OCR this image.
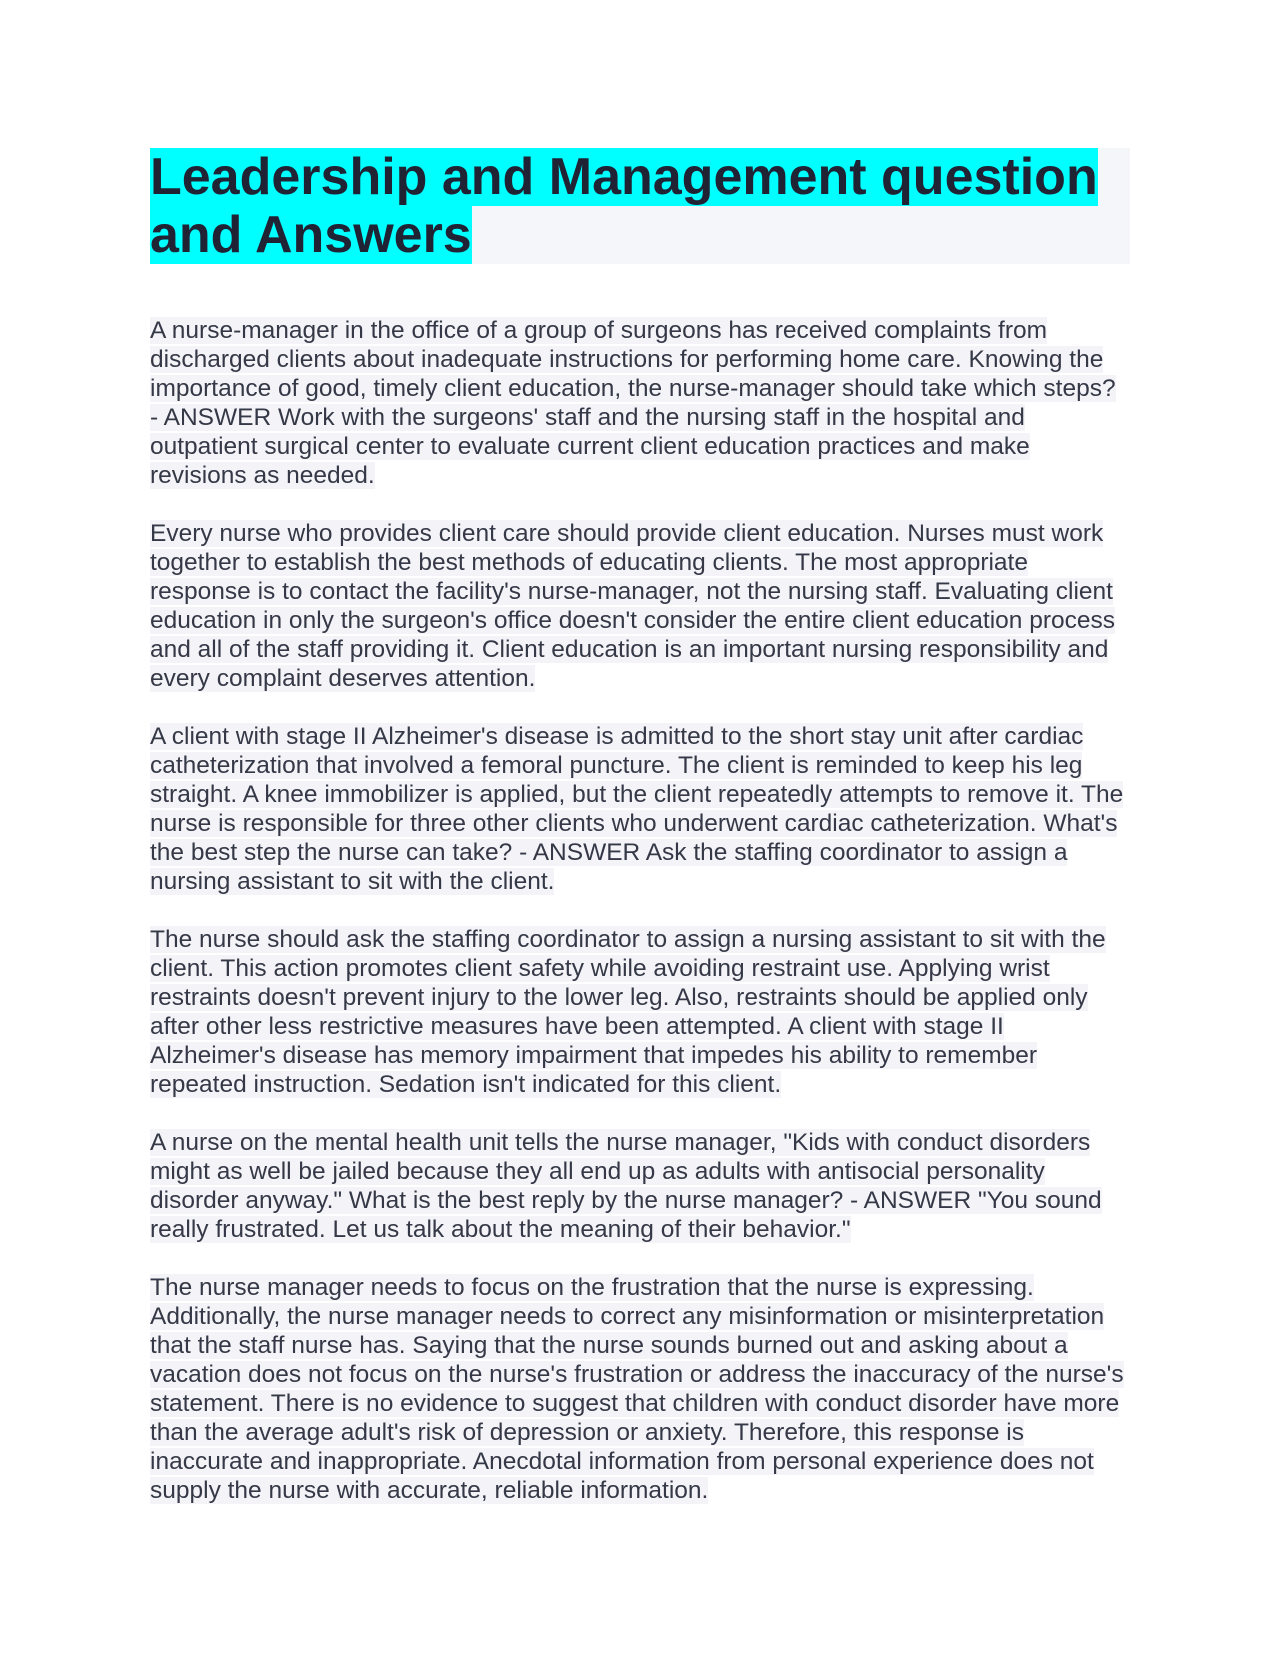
Leadership and Management question and Answers

A nurse-manager in the office of a group of surgeons has received complaints from discharged clients about inadequate instructions for performing home care. Knowing the importance of good, timely client education, the nurse-manager should take which steps? - ANSWER Work with the surgeons' staff and the nursing staff in the hospital and outpatient surgical center to evaluate current client education practices and make revisions as needed.

Every nurse who provides client care should provide client education. Nurses must work together to establish the best methods of educating clients. The most appropriate response is to contact the facility's nurse-manager, not the nursing staff. Evaluating client education in only the surgeon's office doesn't consider the entire client education process and all of the staff providing it. Client education is an important nursing responsibility and every complaint deserves attention.

A client with stage II Alzheimer's disease is admitted to the short stay unit after cardiac catheterization that involved a femoral puncture. The client is reminded to keep his leg straight. A knee immobilizer is applied, but the client repeatedly attempts to remove it. The nurse is responsible for three other clients who underwent cardiac catheterization. What's the best step the nurse can take? - ANSWER Ask the staffing coordinator to assign a nursing assistant to sit with the client.

The nurse should ask the staffing coordinator to assign a nursing assistant to sit with the client. This action promotes client safety while avoiding restraint use. Applying wrist restraints doesn't prevent injury to the lower leg. Also, restraints should be applied only after other less restrictive measures have been attempted. A client with stage II Alzheimer's disease has memory impairment that impedes his ability to remember repeated instruction. Sedation isn't indicated for this client.

A nurse on the mental health unit tells the nurse manager, "Kids with conduct disorders might as well be jailed because they all end up as adults with antisocial personality disorder anyway." What is the best reply by the nurse manager? - ANSWER "You sound really frustrated. Let us talk about the meaning of their behavior."

The nurse manager needs to focus on the frustration that the nurse is expressing. Additionally, the nurse manager needs to correct any misinformation or misinterpretation that the staff nurse has. Saying that the nurse sounds burned out and asking about a vacation does not focus on the nurse's frustration or address the inaccuracy of the nurse's statement. There is no evidence to suggest that children with conduct disorder have more than the average adult's risk of depression or anxiety. Therefore, this response is inaccurate and inappropriate. Anecdotal information from personal experience does not supply the nurse with accurate, reliable information.
